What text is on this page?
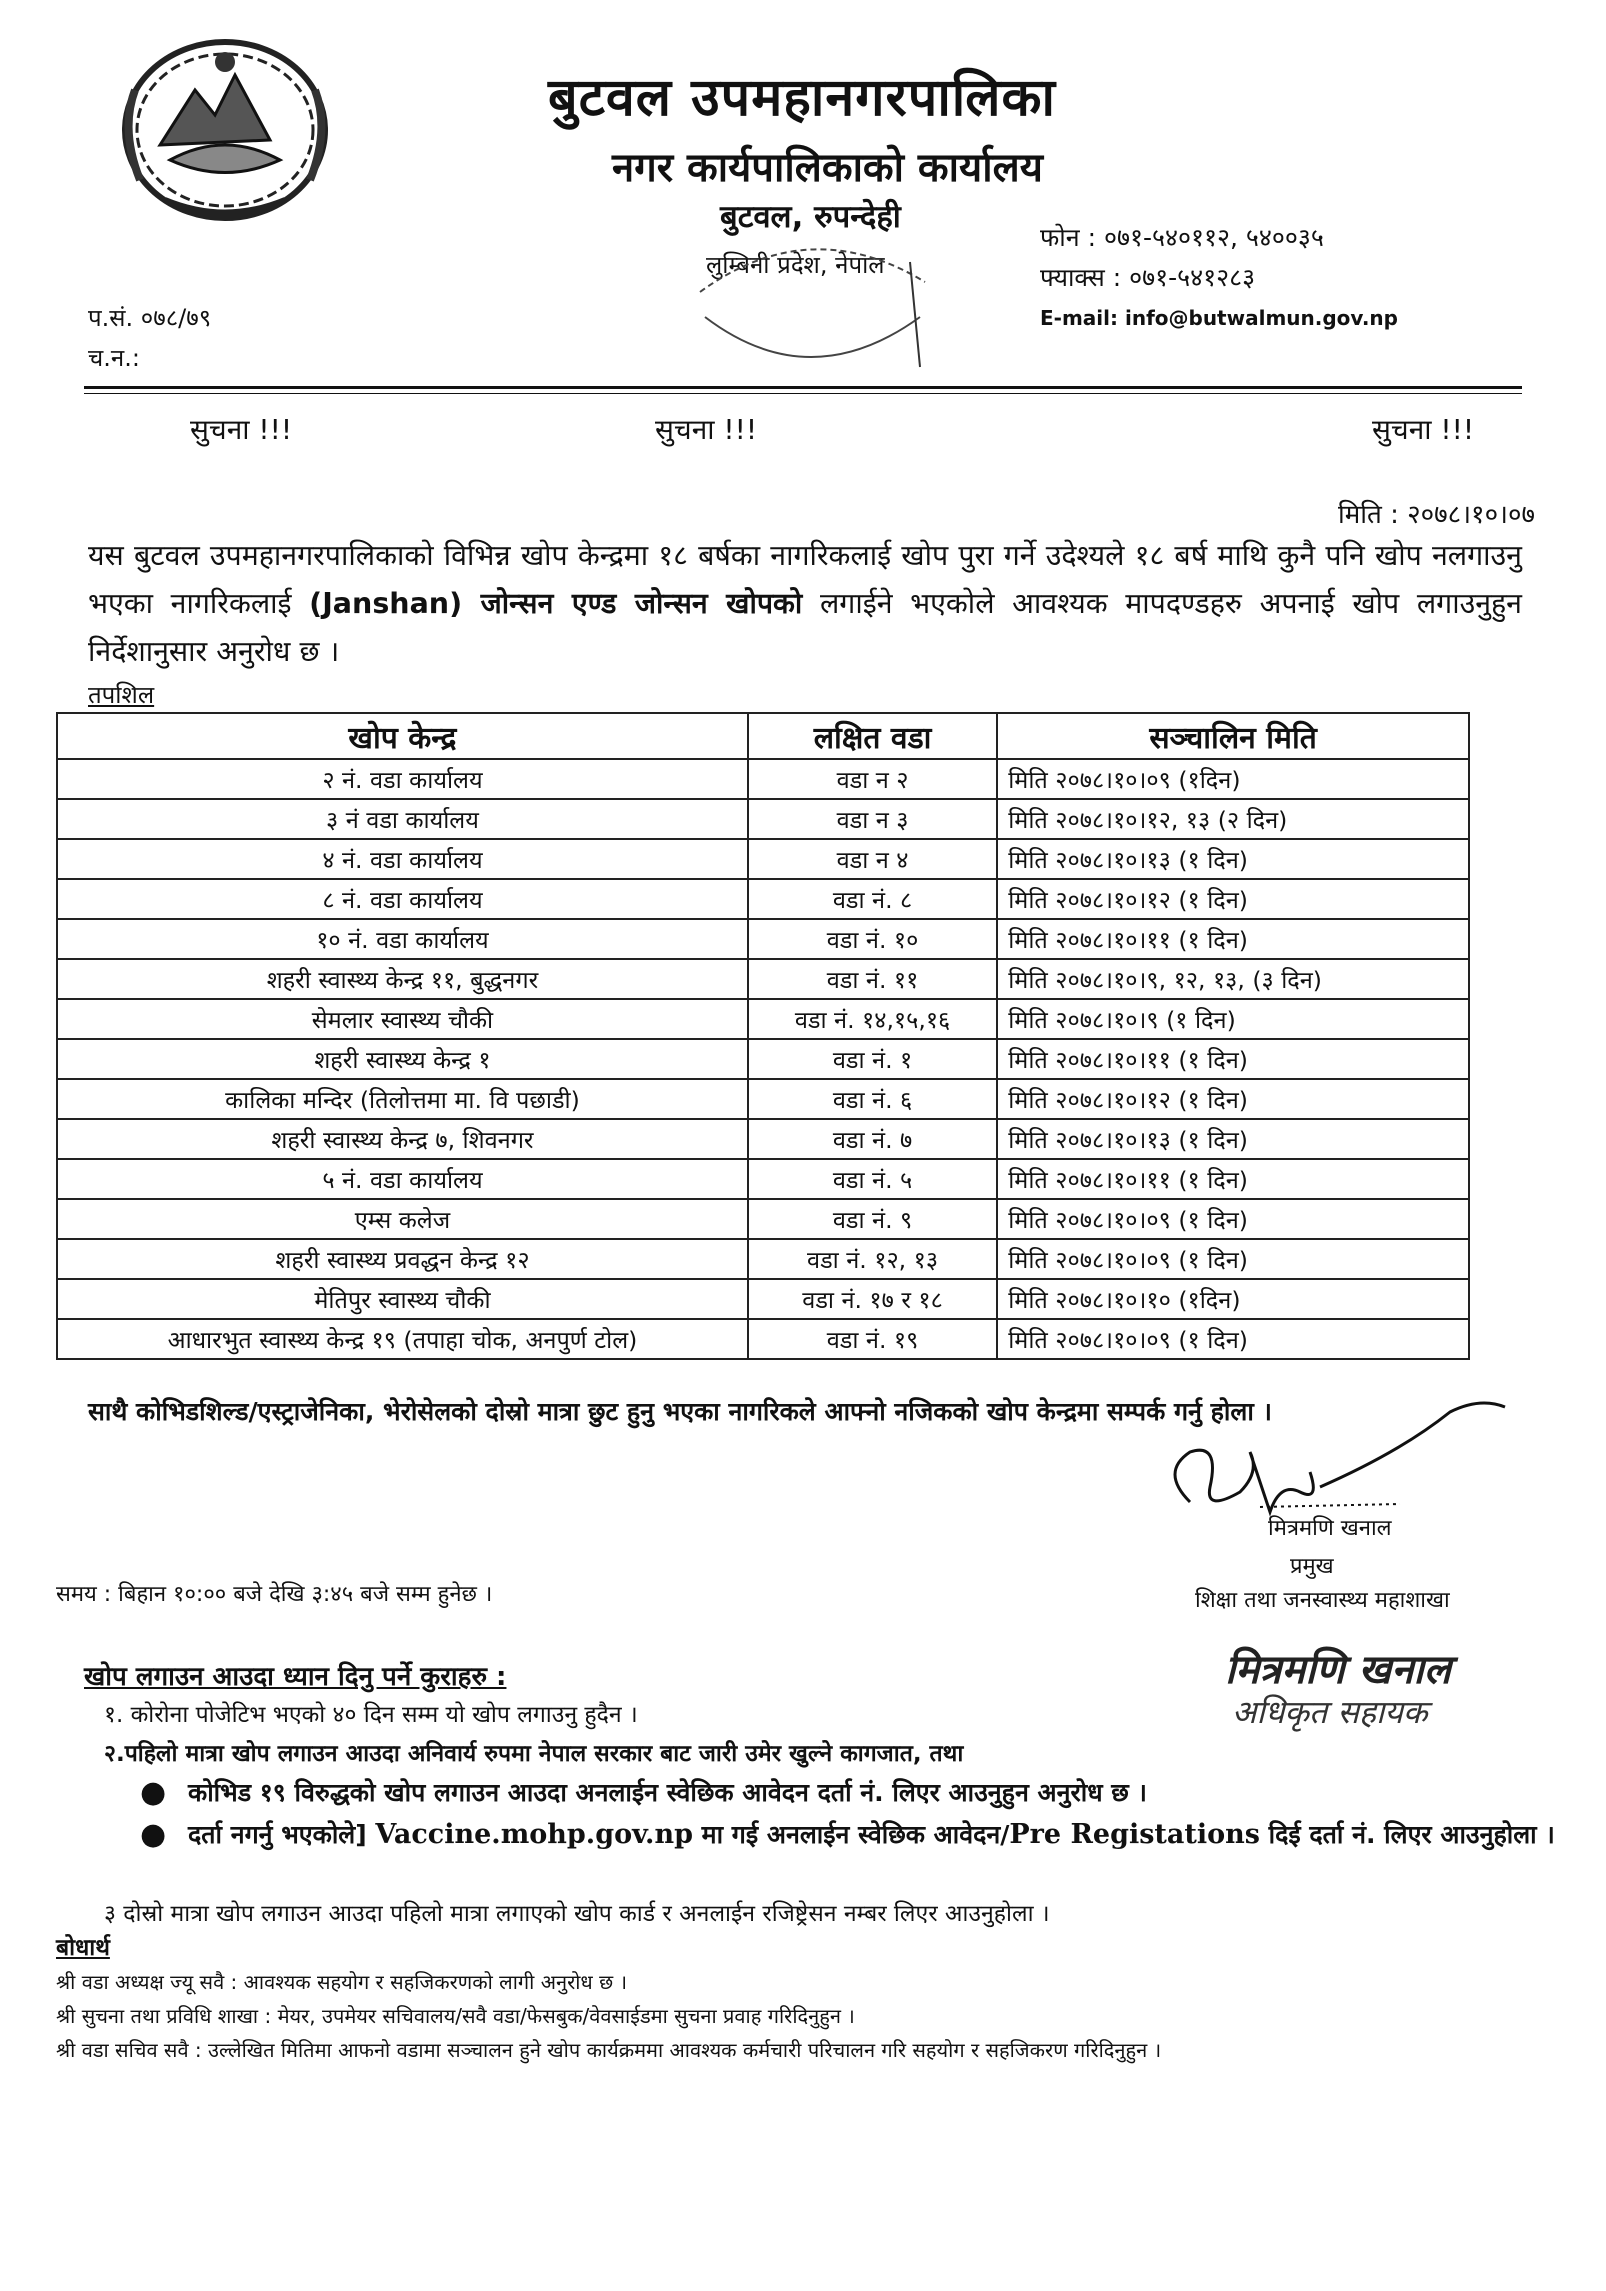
बुटवल उपमहानगरपालिका
नगर कार्यपालिकाको कार्यालय
बुटवल, रुपन्देही
लुम्बिनी प्रदेश, नेपाल
फोन : ०७१-५४०११२, ५४००३५
फ्याक्स : ०७१-५४१२८३
E-mail: info@butwalmun.gov.np
प.सं. ०७८/७९
च.न.:
सुचना !!!	सुचना !!!	सुचना !!!
मिति : २०७८।१०।०७
यस बुटवल उपमहानगरपालिकाको विभिन्न खोप केन्द्रमा १८ बर्षका नागरिकलाई खोप पुरा गर्ने उदेश्यले १८ बर्ष माथि कुनै पनि खोप नलगाउनु भएका नागरिकलाई (Janshan) जोन्सन एण्ड जोन्सन खोपको लगाईने भएकोले आवश्यक मापदण्डहरु अपनाई खोप लगाउनुहुन निर्देशानुसार अनुरोध छ ।
तपशिल
खोप केन्द्र	लक्षित वडा	सञ्चालिन मिति
२ नं. वडा कार्यालय	वडा न २	मिति २०७८।१०।०९ (१दिन)
३ नं वडा कार्यालय	वडा न ३	मिति २०७८।१०।१२, १३ (२ दिन)
४ नं. वडा कार्यालय	वडा न ४	मिति २०७८।१०।१३ (१ दिन)
८ नं. वडा कार्यालय	वडा नं. ८	मिति २०७८।१०।१२ (१ दिन)
१० नं. वडा कार्यालय	वडा नं. १०	मिति २०७८।१०।११ (१ दिन)
शहरी स्वास्थ्य केन्द्र ११, बुद्धनगर	वडा नं. ११	मिति २०७८।१०।९, १२, १३, (३ दिन)
सेमलार स्वास्थ्य चौकी	वडा नं. १४,१५,१६	मिति २०७८।१०।९ (१ दिन)
शहरी स्वास्थ्य केन्द्र १	वडा नं. १	मिति २०७८।१०।११ (१ दिन)
कालिका मन्दिर (तिलोत्तमा मा. वि पछाडी)	वडा नं. ६	मिति २०७८।१०।१२ (१ दिन)
शहरी स्वास्थ्य केन्द्र ७, शिवनगर	वडा नं. ७	मिति २०७८।१०।१३ (१ दिन)
५ नं. वडा कार्यालय	वडा नं. ५	मिति २०७८।१०।११ (१ दिन)
एम्स कलेज	वडा नं. ९	मिति २०७८।१०।०९ (१ दिन)
शहरी स्वास्थ्य प्रवद्धन केन्द्र १२	वडा नं. १२, १३	मिति २०७८।१०।०९ (१ दिन)
मेतिपुर स्वास्थ्य चौकी	वडा नं. १७ र १८	मिति २०७८।१०।१० (१दिन)
आधारभुत स्वास्थ्य केन्द्र १९ (तपाहा चोक, अनपुर्ण टोल)	वडा नं. १९	मिति २०७८।१०।०९ (१ दिन)
साथै कोभिडशिल्ड/एस्ट्राजेनिका, भेरोसेलको दोस्रो मात्रा छुट हुनु भएका नागरिकले आफ्नो नजिकको खोप केन्द्रमा सम्पर्क गर्नु होला ।
मित्रमणि खनाल
प्रमुख
शिक्षा तथा जनस्वास्थ्य महाशाखा
समय : बिहान १०:०० बजे देखि ३:४५ बजे सम्म हुनेछ ।
मित्रमणि खनाल
अधिकृत सहायक
खोप लगाउन आउदा ध्यान दिनु पर्ने कुराहरु :
१. कोरोना पोजेटिभ भएको ४० दिन सम्म यो खोप लगाउनु हुदैन ।
२.पहिलो मात्रा खोप लगाउन आउदा अनिवार्य रुपमा नेपाल सरकार बाट जारी उमेर खुल्ने कागजात, तथा
● कोभिड १९ विरुद्धको खोप लगाउन आउदा अनलाईन स्वेछिक आवेदन दर्ता नं. लिएर आउनुहुन अनुरोध छ ।
● दर्ता नगर्नु भएकोले] Vaccine.mohp.gov.np मा गई अनलाईन स्वेछिक आवेदन/Pre Registations दिई दर्ता नं. लिएर आउनुहोला ।
३ दोस्रो मात्रा खोप लगाउन आउदा पहिलो मात्रा लगाएको खोप कार्ड र अनलाईन रजिष्ट्रेसन नम्बर लिएर आउनुहोला ।
बोधार्थ
श्री वडा अध्यक्ष ज्यू सवै : आवश्यक सहयोग र सहजिकरणको लागी अनुरोध छ ।
श्री सुचना तथा प्रविधि शाखा : मेयर, उपमेयर सचिवालय/सवै वडा/फेसबुक/वेवसाईडमा सुचना प्रवाह गरिदिनुहुन ।
श्री वडा सचिव सवै : उल्लेखित मितिमा आफनो वडामा सञ्चालन हुने खोप कार्यक्रममा आवश्यक कर्मचारी परिचालन गरि सहयोग र सहजिकरण गरिदिनुहुन ।
